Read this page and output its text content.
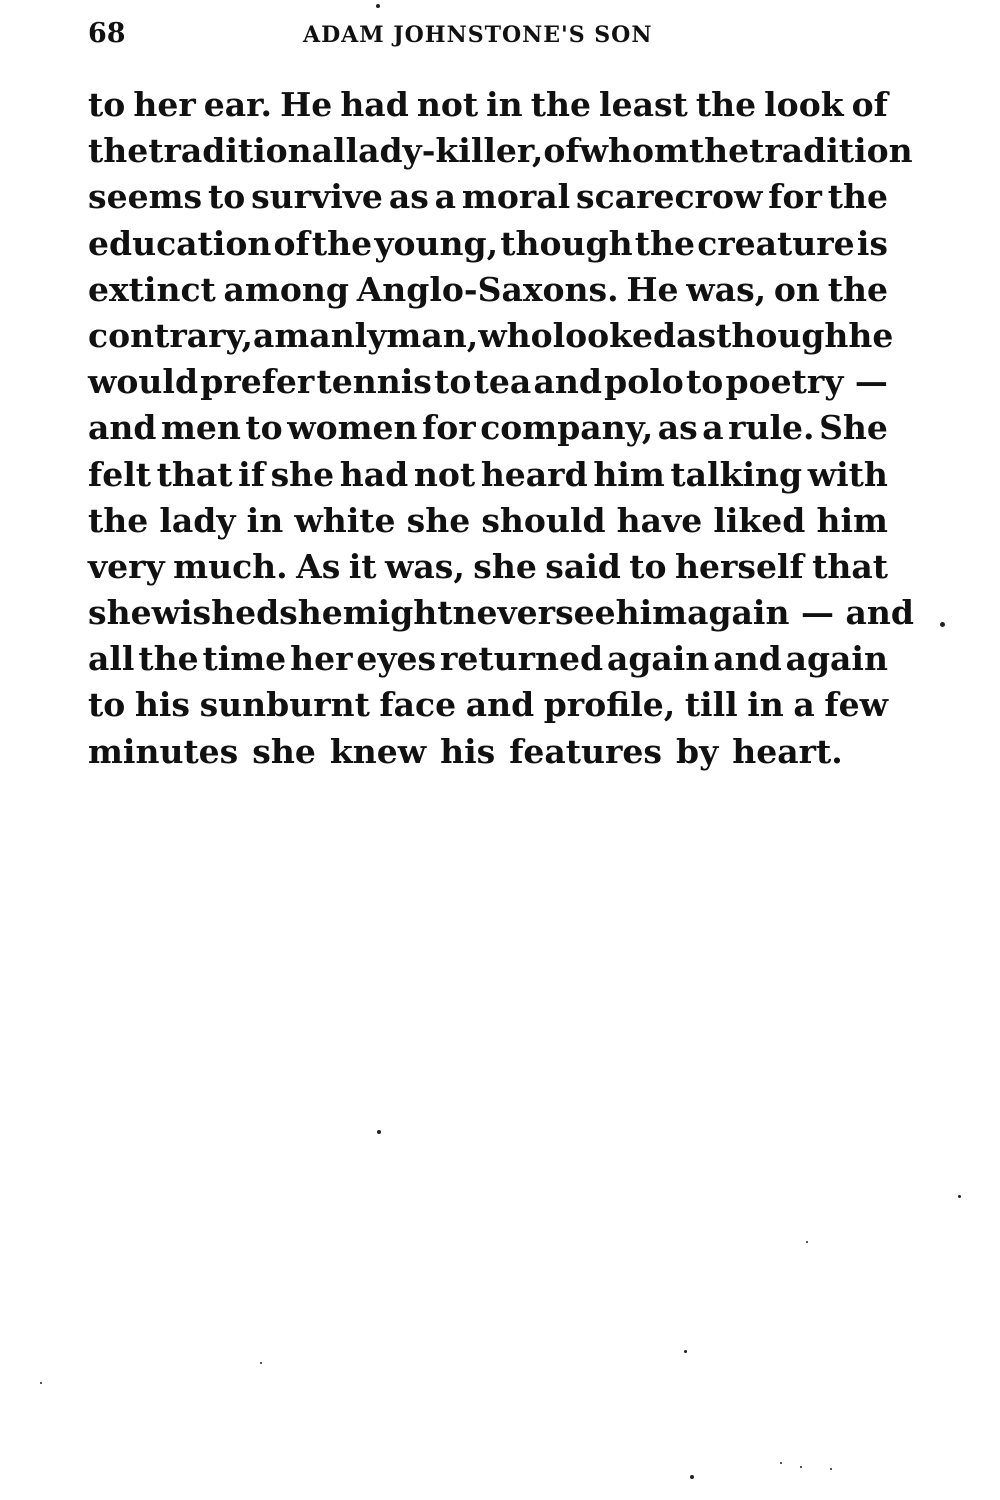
68	ADAM JOHNSTONE'S SON
to her ear. He had not in the least the look of
the traditional lady-killer, of whom the tradition
seems to survive as a moral scarecrow for the
education of the young, though the creature is
extinct among Anglo-Saxons. He was, on the
contrary, a manly man, who looked as though he
would prefer tennis to tea and polo to poetry —
and men to women for company, as a rule. She
felt that if she had not heard him talking with
the lady in white she should have liked him
very much. As it was, she said to herself that
she wished she might never see him again — and
all the time her eyes returned again and again
to his sunburnt face and profile, till in a few
minutes she knew his features by heart.
